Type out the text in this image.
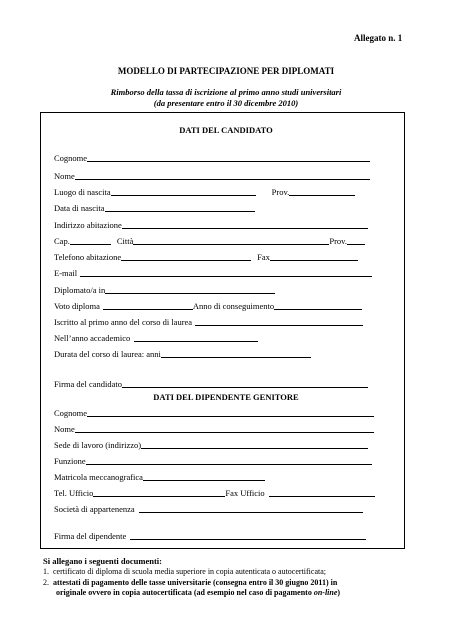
Allegato n. 1
MODELLO DI PARTECIPAZIONE PER DIPLOMATI
Rimborso della tassa di iscrizione al primo anno studi universitari
(da presentare entro il 30 dicembre 2010)
DATI DEL CANDIDATO
Cognome
Nome
Luogo di nascita	Prov.
Data di nascita
Indirizzo abitazione
Cap.	Città	Prov.
Telefono abitazione	Fax
E-mail
Diplomato/a in
Voto diploma	Anno di conseguimento
Iscritto al primo anno del corso di laurea
Nell’anno accademico
Durata del corso di laurea: anni
Firma del candidato
DATI DEL DIPENDENTE GENITORE
Cognome
Nome
Sede di lavoro (indirizzo)
Funzione
Matricola meccanografica
Tel. Ufficio	Fax Ufficio
Società di appartenenza
Firma del dipendente
Si allegano i seguenti documenti:
1.  certificato di diploma di scuola media superiore in copia autenticata o autocertificata;
2.  attestati di pagamento delle tasse universitarie (consegna entro il 30 giugno 2011) in
originale ovvero in copia autocertificata (ad esempio nel caso di pagamento on-line)
